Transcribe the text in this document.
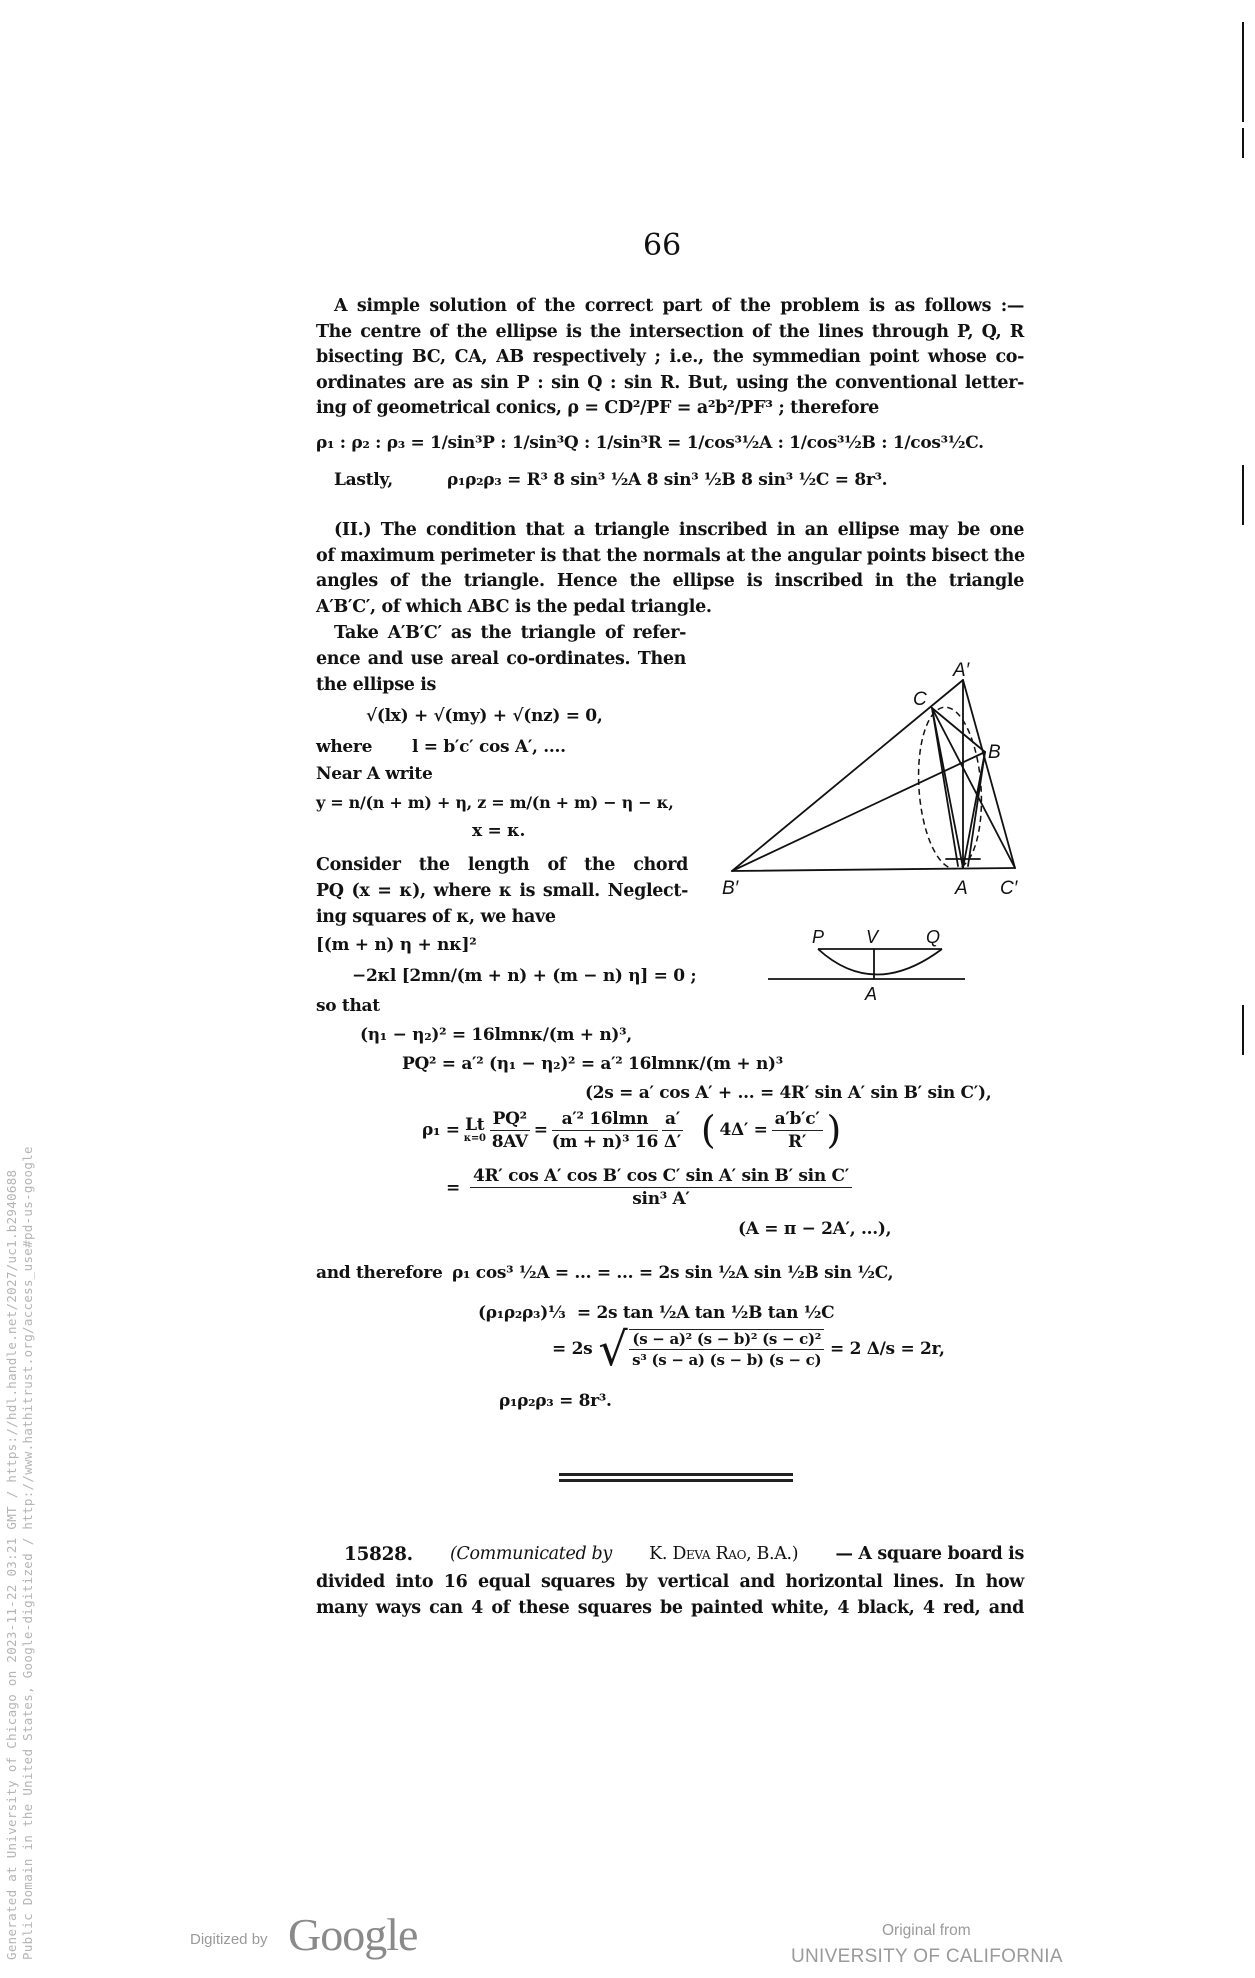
66
A simple solution of the correct part of the problem is as follows :—
The centre of the ellipse is the intersection of the lines through P, Q, R
bisecting BC, CA, AB respectively ; i.e., the symmedian point whose co-
ordinates are as sin P : sin Q : sin R. But, using the conventional letter-
ing of geometrical conics, ρ = CD²/PF = a²b²/PF³ ; therefore
ρ₁ : ρ₂ : ρ₃ = 1/sin³P : 1/sin³Q : 1/sin³R = 1/cos³½A : 1/cos³½B : 1/cos³½C.
Lastly,	ρ₁ρ₂ρ₃ = R³ 8 sin³ ½A 8 sin³ ½B 8 sin³ ½C = 8r³.
(II.) The condition that a triangle inscribed in an ellipse may be one
of maximum perimeter is that the normals at the angular points bisect the
angles of the triangle. Hence the ellipse is inscribed in the triangle
A′B′C′, of which ABC is the pedal triangle.
Take A′B′C′ as the triangle of refer-
ence and use areal co-ordinates. Then
the ellipse is
√(lx) + √(my) + √(nz) = 0,
where l = b′c′ cos A′, ....
Near A write
y = n/(n + m) + η, z = m/(n + m) − η − κ,
x = κ.
Consider the length of the chord
PQ (x = κ), where κ is small. Neglect-
ing squares of κ, we have
[(m + n) η + nκ]²
−2κl [2mn/(m + n) + (m − n) η] = 0 ;
so that
(η₁ − η₂)² = 16lmnκ/(m + n)³,
PQ² = a′² (η₁ − η₂)² = a′² 16lmnκ/(m + n)³
(2s = a′ cos A′ + ... = 4R′ sin A′ sin B′ sin C′),
ρ₁ = Lt
$\kappa=0 \frac{\text{PQ²}}{8AV} = \frac{\text{a′² 16lmn}}{\text{(m + n)³ 16}} \frac{a'}{\Delta'}$ ( $4\Delta' = \frac{a'b'c'}{R'}$ )
= $\frac{\text{4R′ cos A′ cos B′ cos C′ sin A′ sin B′ sin C′}}{\text{sin³ A′}}$
(A = π − 2A′, ...),
and therefore ρ₁ cos³ ½A = ... = ... = 2s sin ½A sin ½B sin ½C,
(ρ₁ρ₂ρ₃)⅓ = 2s tan ½A tan ½B tan ½C
= 2s √ $\frac{\text{(s − a)² (s − b)² (s − c)²}}{\text{s³ (s − a) (s − b) (s − c)}} = 2$ Δ/s = 2r,
ρ₁ρ₂ρ₃ = 8r³.
15828. (Communicated by K. Deva Rao, B.A.) — A square board is
divided into 16 equal squares by vertical and horizontal lines. In how
many ways can 4 of these squares be painted white, 4 black, 4 red, and
A′
C
B
B′	A C′
P V	Q
A
Generated at University of Chicago on 2023-11-22 03:21 GMT / https://hdl.handle.net/2027/uc1.b2940688 Public Domain in the United States, Google-digitized / http://www.hathitrust.org/access_use#pd-us-google	Digitized by Google	Original from
UNIVERSITY OF CALIFORNIA
